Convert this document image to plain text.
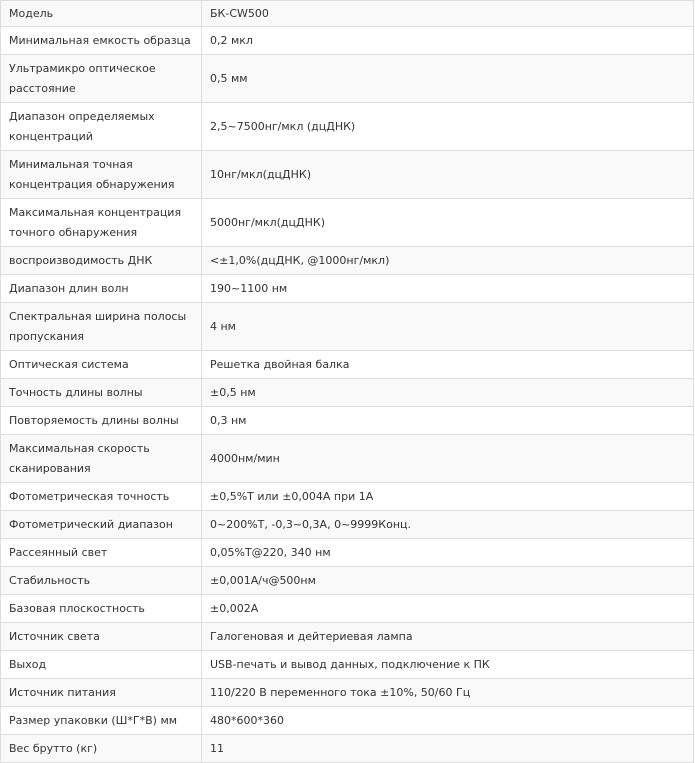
Модель	БК-CW500
Минимальная емкость образца	0,2 мкл
Ультрамикро оптическое
расстояние	0,5 мм
Диапазон определяемых
концентраций	2,5~7500нг/мкл (дцДНК)
Минимальная точная
концентрация обнаружения	10нг/мкл(дцДНК)
Максимальная концентрация
точного обнаружения	5000нг/мкл(дцДНК)
воспроизводимость ДНК	<±1,0%(дцДНК, @1000нг/мкл)
Диапазон длин волн	190~1100 нм
Спектральная ширина полосы
пропускания	4 нм
Оптическая система	Решетка двойная балка
Точность длины волны	±0,5 нм
Повторяемость длины волны	0,3 нм
Максимальная скорость
сканирования	4000нм/мин
Фотометрическая точность	±0,5%T или ±0,004A при 1A
Фотометрический диапазон	0~200%T, -0,3~0,3A, 0~9999Конц.
Рассеянный свет	0,05%T@220, 340 нм
Стабильность	±0,001A/ч@500нм
Базовая плоскостность	±0,002A
Источник света	Галогеновая и дейтериевая лампа
Выход	USB-печать и вывод данных, подключение к ПК
Источник питания	110/220 В переменного тока ±10%, 50/60 Гц
Размер упаковки (Ш*Г*В) мм	480*600*360
Вес брутто (кг)	11
